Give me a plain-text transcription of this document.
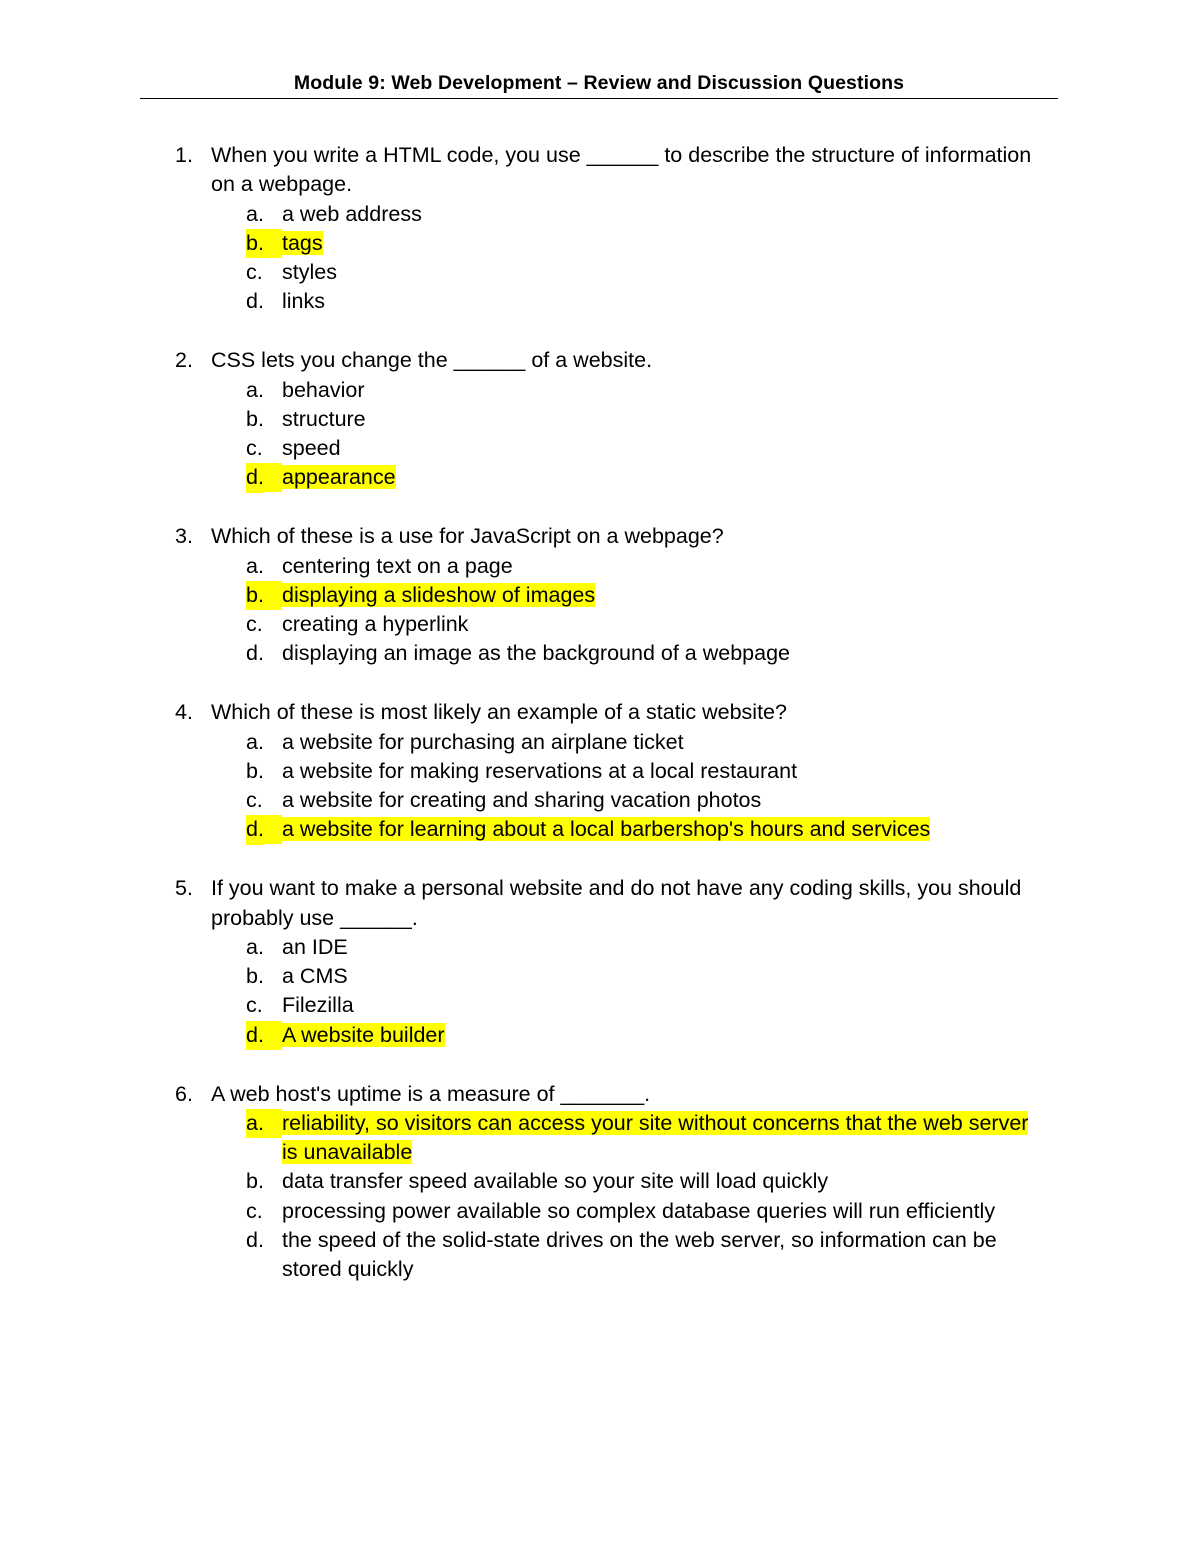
Module 9: Web Development – Review and Discussion Questions
1. When you write a HTML code, you use ______ to describe the structure of information on a webpage.
a. a web address
b. tags
c. styles
d. links
2. CSS lets you change the ______ of a website.
a. behavior
b. structure
c. speed
d. appearance
3. Which of these is a use for JavaScript on a webpage?
a. centering text on a page
b. displaying a slideshow of images
c. creating a hyperlink
d. displaying an image as the background of a webpage
4. Which of these is most likely an example of a static website?
a. a website for purchasing an airplane ticket
b. a website for making reservations at a local restaurant
c. a website for creating and sharing vacation photos
d. a website for learning about a local barbershop's hours and services
5. If you want to make a personal website and do not have any coding skills, you should probably use ______.
a. an IDE
b. a CMS
c. Filezilla
d. A website builder
6. A web host's uptime is a measure of _______.
a. reliability, so visitors can access your site without concerns that the web server is unavailable
b. data transfer speed available so your site will load quickly
c. processing power available so complex database queries will run efficiently
d. the speed of the solid-state drives on the web server, so information can be stored quickly
